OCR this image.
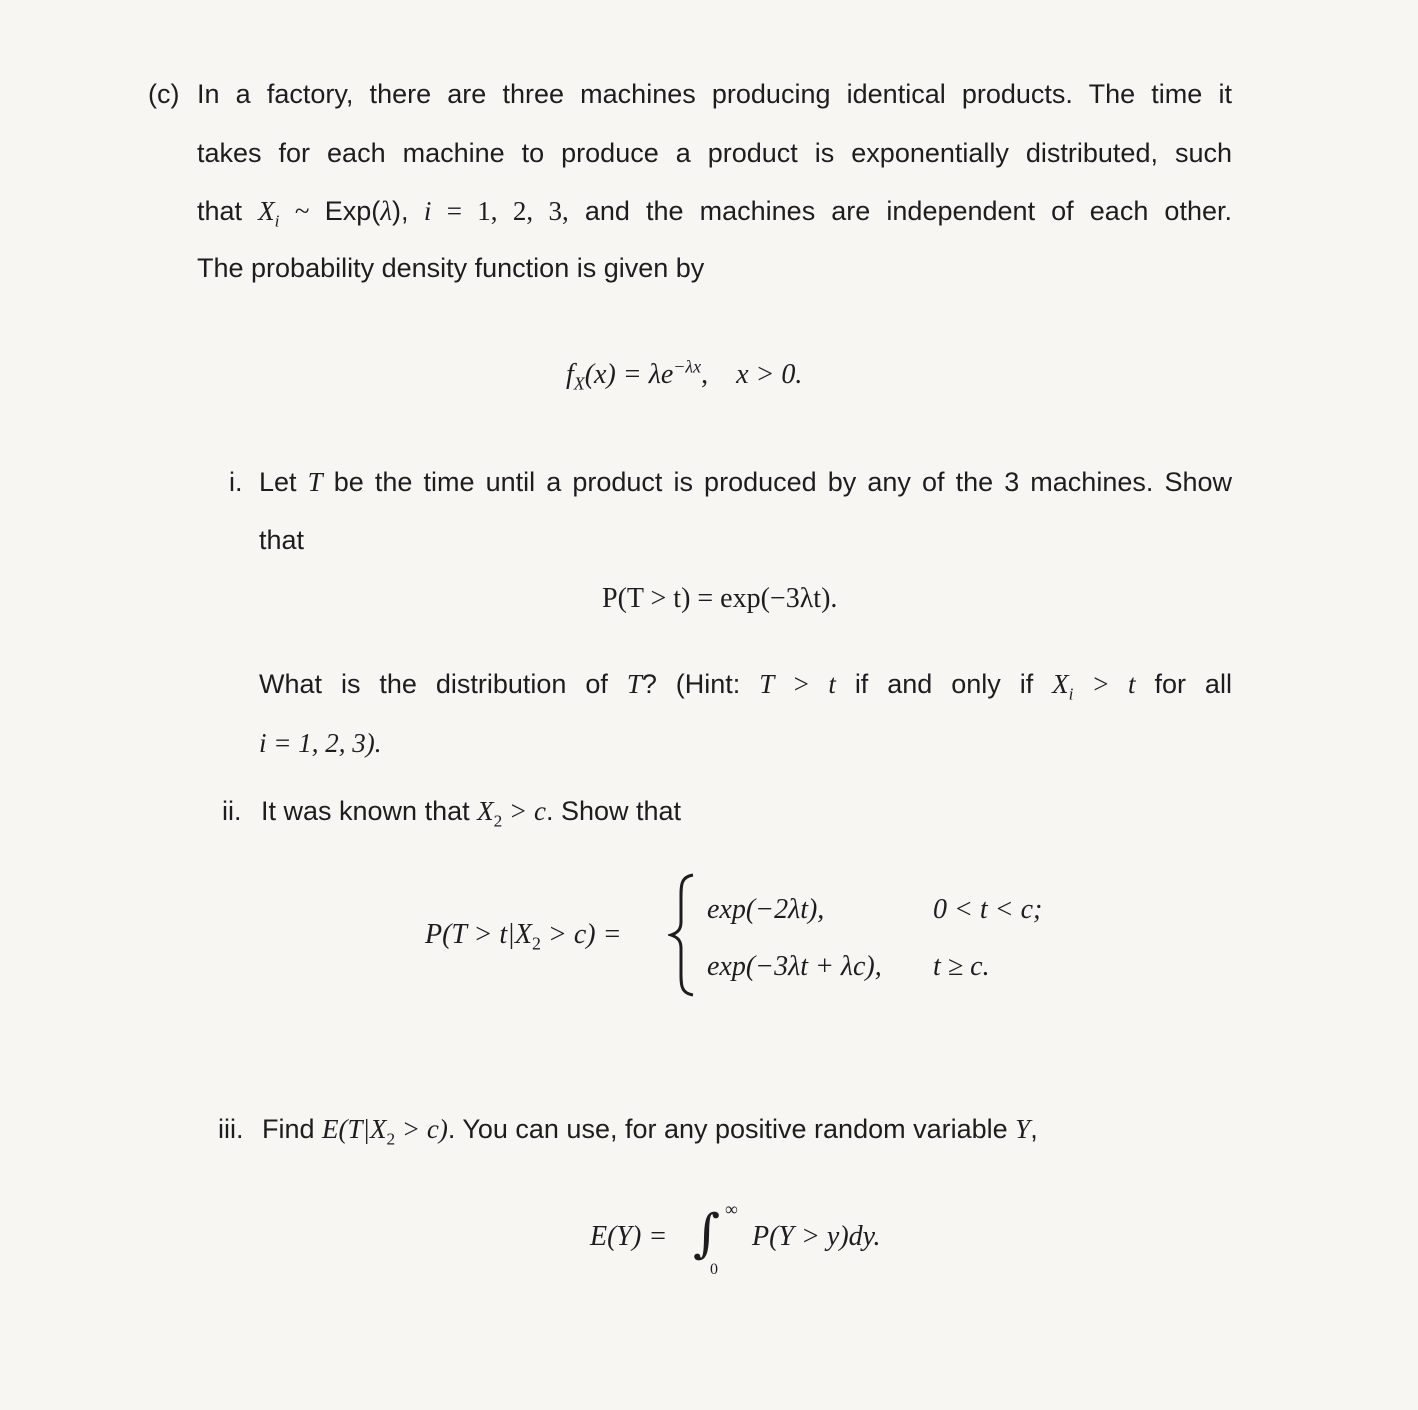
(c) In a factory, there are three machines producing identical products. The time it
takes for each machine to produce a product is exponentially distributed, such
that $X_i$ ~ Exp(λ), i = 1, 2, 3, and the machines are independent of each other.
The probability density function is given by
$f_X(x) = \lambda e^{-\lambda x}$, x > 0.
i. Let T be the time until a product is produced by any of the 3 machines. Show
that
P(T > t) = exp(−3λt).
What is the distribution of T? (Hint: T > t if and only if $X_i > t$ for all
i = 1, 2, 3).
ii. It was known that $X_2 > c$. Show that
$P(T > t|X_2 > c)$ =
exp(−2λt),	0 < t < c;
exp(−3λt + λc), t ≥ c.
iii. Find $E(T|X_2 > c)$. You can use, for any positive random variable Y,
E(Y) = ∫ ∞
0
P(Y > y)dy.
